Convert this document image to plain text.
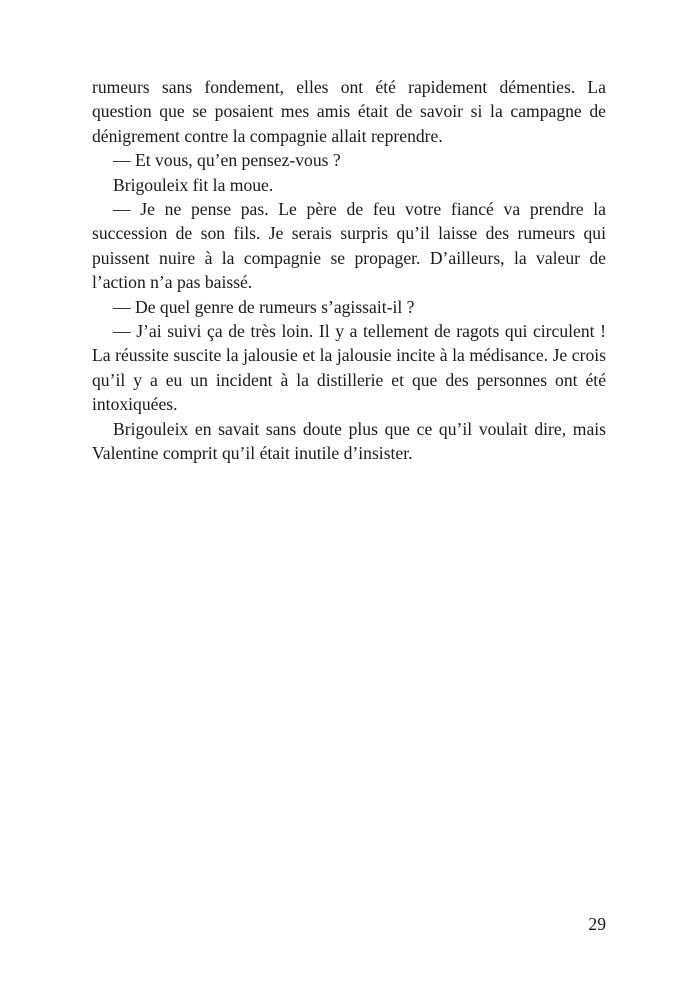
rumeurs sans fondement, elles ont été rapidement démenties. La question que se posaient mes amis était de savoir si la campagne de dénigrement contre la compagnie allait reprendre.

— Et vous, qu’en pensez-vous ?

Brigouleix fit la moue.

— Je ne pense pas. Le père de feu votre fiancé va prendre la succession de son fils. Je serais surpris qu’il laisse des rumeurs qui puissent nuire à la compagnie se propager. D’ailleurs, la valeur de l’action n’a pas baissé.

— De quel genre de rumeurs s’agissait-il ?

— J’ai suivi ça de très loin. Il y a tellement de ragots qui circulent ! La réussite suscite la jalousie et la jalousie incite à la médisance. Je crois qu’il y a eu un incident à la distillerie et que des personnes ont été intoxiquées.

Brigouleix en savait sans doute plus que ce qu’il voulait dire, mais Valentine comprit qu’il était inutile d’insister.

29
